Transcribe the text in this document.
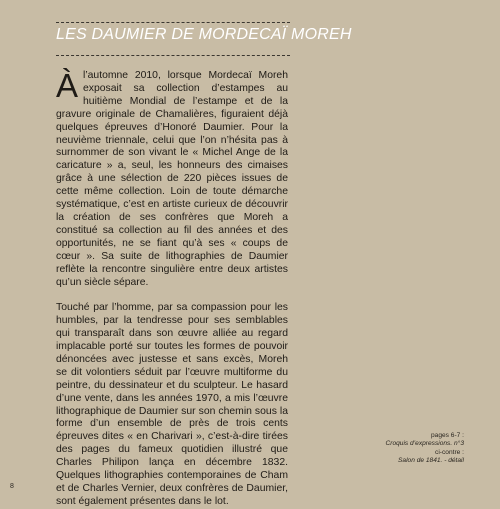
LES DAUMIER DE MORDECAÏ MOREH

Àl’automne 2010, lorsque Mordecaï Moreh exposait sa collection d’estampes au huitième Mondial de l’estampe et de la gravure originale de Chamalières, figuraient déjà quelques épreuves d’Honoré Daumier. Pour la neuvième triennale, celui que l’on n’hésita pas à surnommer de son vivant le « Michel Ange de la caricature » a, seul, les honneurs des cimaises grâce à une sélection de 220 pièces issues de cette même collection. Loin de toute démarche systématique, c’est en artiste curieux de découvrir la création de ses confrères que Moreh a constitué sa collection au fil des années et des opportunités, ne se fiant qu’à ses « coups de cœur ». Sa suite de lithographies de Daumier reflète la rencontre singulière entre deux artistes qu’un siècle sépare.

Touché par l’homme, par sa compassion pour les humbles, par la tendresse pour ses semblables qui transparaît dans son œuvre alliée au regard implacable porté sur toutes les formes de pouvoir dénoncées avec justesse et sans excès, Moreh se dit volontiers séduit par l’œuvre multiforme du peintre, du dessinateur et du sculpteur. Le hasard d’une vente, dans les années 1970, a mis l’œuvre lithographique de Daumier sur son chemin sous la forme d’un ensemble de près de trois cents épreuves dites « en Charivari », c’est-à-dire tirées des pages du fameux quotidien illustré que Charles Philipon lança en décembre 1832. Quelques lithographies contemporaines de Cham et de Charles Vernier, deux confrères de Daumier, sont également présentes dans le lot.

pages 6-7 :
Croquis d’expressions. n°3
ci-contre :
Salon de 1841. - détail
8
